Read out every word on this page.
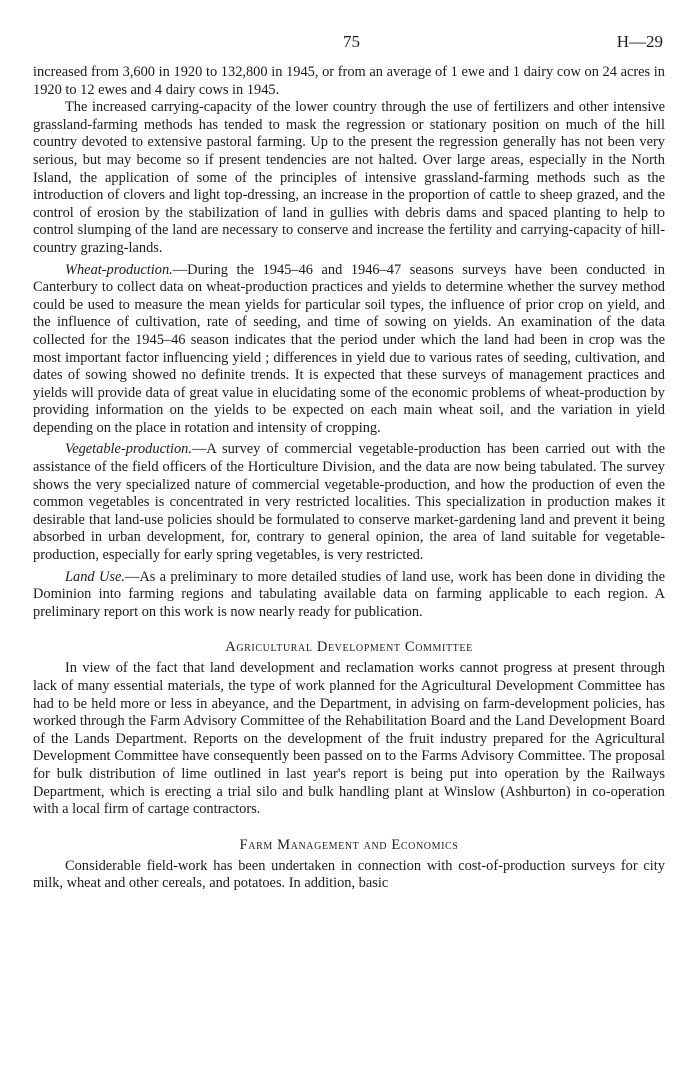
75	H—29

increased from 3,600 in 1920 to 132,800 in 1945, or from an average of 1 ewe and 1 dairy cow on 24 acres in 1920 to 12 ewes and 4 dairy cows in 1945.

The increased carrying-capacity of the lower country through the use of fertilizers and other intensive grassland-farming methods has tended to mask the regression or stationary position on much of the hill country devoted to extensive pastoral farming. Up to the present the regression generally has not been very serious, but may become so if present tendencies are not halted. Over large areas, especially in the North Island, the application of some of the principles of intensive grassland-farming methods such as the introduction of clovers and light top-dressing, an increase in the proportion of cattle to sheep grazed, and the control of erosion by the stabilization of land in gullies with debris dams and spaced planting to help to control slumping of the land are necessary to conserve and increase the fertility and carrying-capacity of hill-country grazing-lands.

Wheat-production.—During the 1945–46 and 1946–47 seasons surveys have been conducted in Canterbury to collect data on wheat-production practices and yields to determine whether the survey method could be used to measure the mean yields for particular soil types, the influence of prior crop on yield, and the influence of cultivation, rate of seeding, and time of sowing on yields. An examination of the data collected for the 1945–46 season indicates that the period under which the land had been in crop was the most important factor influencing yield ; differences in yield due to various rates of seeding, cultivation, and dates of sowing showed no definite trends. It is expected that these surveys of management practices and yields will provide data of great value in elucidating some of the economic problems of wheat-production by providing information on the yields to be expected on each main wheat soil, and the variation in yield depending on the place in rotation and intensity of cropping.

Vegetable-production.—A survey of commercial vegetable-production has been carried out with the assistance of the field officers of the Horticulture Division, and the data are now being tabulated. The survey shows the very specialized nature of commercial vegetable-production, and how the production of even the common vegetables is concentrated in very restricted localities. This specialization in production makes it desirable that land-use policies should be formulated to conserve market-gardening land and prevent it being absorbed in urban development, for, contrary to general opinion, the area of land suitable for vegetable-production, especially for early spring vegetables, is very restricted.

Land Use.—As a preliminary to more detailed studies of land use, work has been done in dividing the Dominion into farming regions and tabulating available data on farming applicable to each region. A preliminary report on this work is now nearly ready for publication.

Agricultural Development Committee

In view of the fact that land development and reclamation works cannot progress at present through lack of many essential materials, the type of work planned for the Agricultural Development Committee has had to be held more or less in abeyance, and the Department, in advising on farm-development policies, has worked through the Farm Advisory Committee of the Rehabilitation Board and the Land Development Board of the Lands Department. Reports on the development of the fruit industry prepared for the Agricultural Development Committee have consequently been passed on to the Farms Advisory Committee. The proposal for bulk distribution of lime outlined in last year's report is being put into operation by the Railways Department, which is erecting a trial silo and bulk handling plant at Winslow (Ashburton) in co-operation with a local firm of cartage contractors.

Farm Management and Economics

Considerable field-work has been undertaken in connection with cost-of-production surveys for city milk, wheat and other cereals, and potatoes. In addition, basic
